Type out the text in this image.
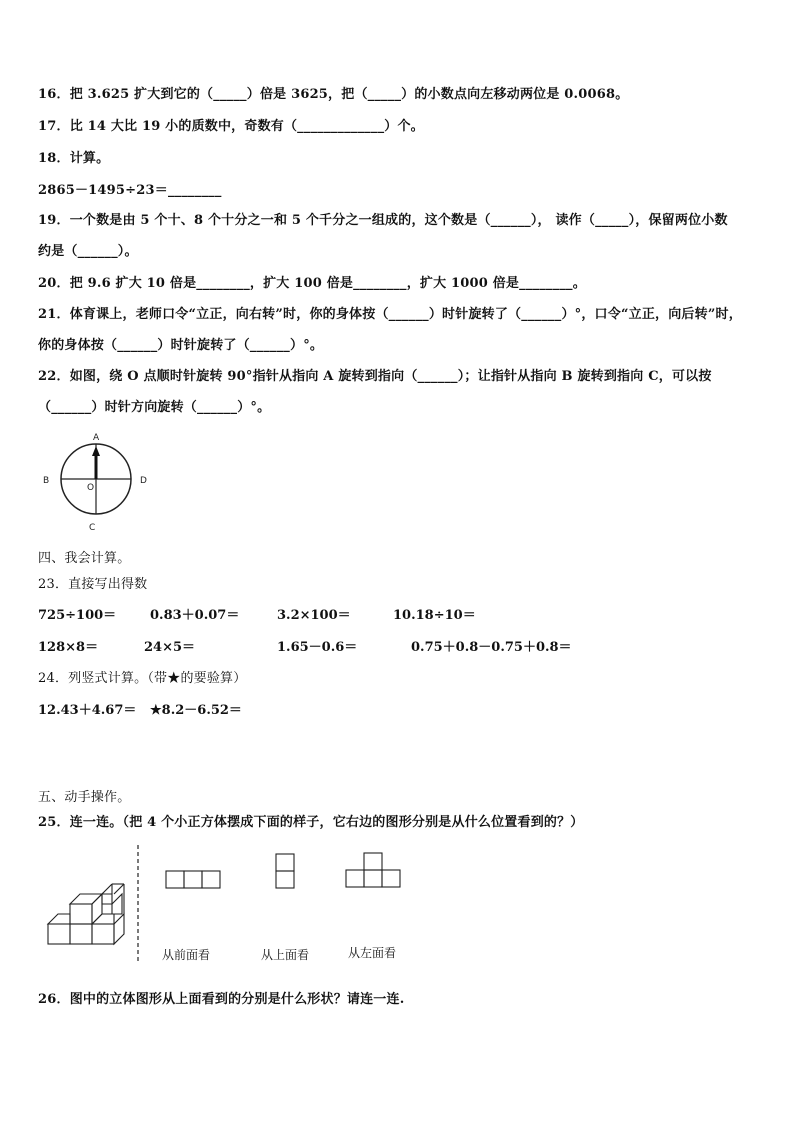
16．把 3.625 扩大到它的（_____）倍是 3625，把（_____）的小数点向左移动两位是 0.0068。
17．比 14 大比 19 小的质数中，奇数有（_____________）个。
18．计算。
2865－1495÷23＝________
19．一个数是由 5 个十、8 个十分之一和 5 个千分之一组成的，这个数是（______）， 读作（_____），保留两位小数
约是（______）。
20．把 9.6 扩大 10 倍是________，扩大 100 倍是________，扩大 1000 倍是________。
21．体育课上，老师口令“立正，向右转”时，你的身体按（______）时针旋转了（______）°，口令“立正，向后转”时，
你的身体按（______）时针旋转了（______）°。
22．如图，绕 O 点顺时针旋转 90°指针从指向 A 旋转到指向（______）；让指针从指向 B 旋转到指向 C，可以按
（______）时针方向旋转（______）°。
A
B
C
D
O
四、我会计算。
23．直接写出得数
725÷100＝	0.83＋0.07＝	3.2×100＝	10.18÷10＝
128×8＝	24×5＝	1.65－0.6＝	0.75＋0.8－0.75＋0.8＝
24．列竖式计算。（带★的要验算）
12.43＋4.67＝ ★8.2－6.52＝
五、动手操作。
25．连一连。（把 4 个小正方体摆成下面的样子，它右边的图形分别是从什么位置看到的？）
从前面看	从上面看	从左面看
26．图中的立体图形从上面看到的分别是什么形状？请连一连.
